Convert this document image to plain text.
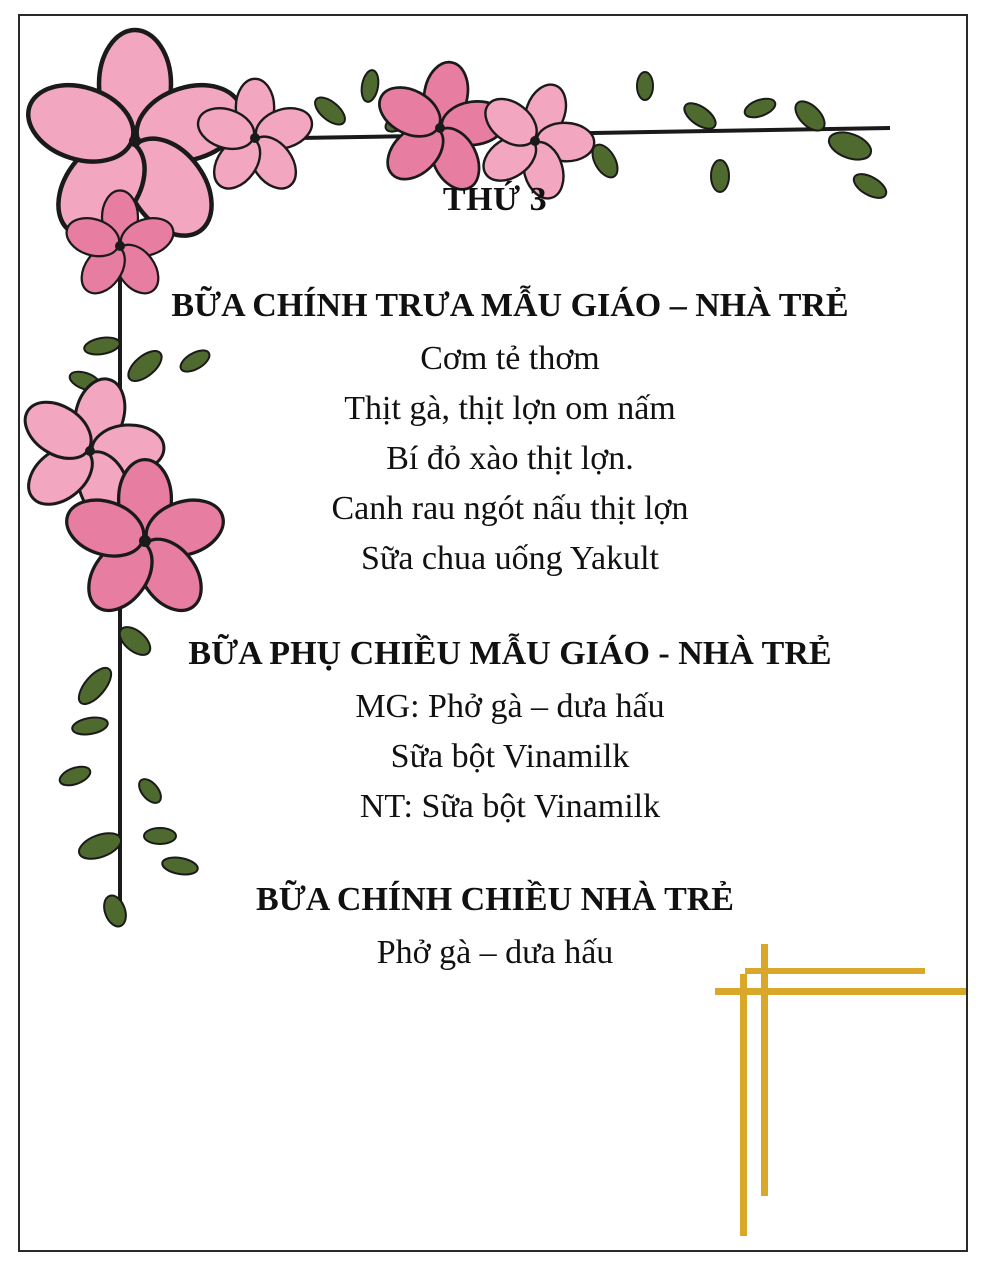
THỨ 3

BỮA CHÍNH TRƯA MẪU GIÁO – NHÀ TRẺ

Cơm tẻ thơm

Thịt gà, thịt lợn om nấm

Bí đỏ xào thịt lợn.

Canh rau ngót nấu thịt lợn

Sữa chua uống Yakult

BỮA PHỤ CHIỀU MẪU GIÁO - NHÀ TRẺ

MG: Phở gà – dưa hấu

Sữa bột Vinamilk

NT: Sữa bột Vinamilk

BỮA CHÍNH CHIỀU NHÀ TRẺ

Phở gà – dưa hấu
